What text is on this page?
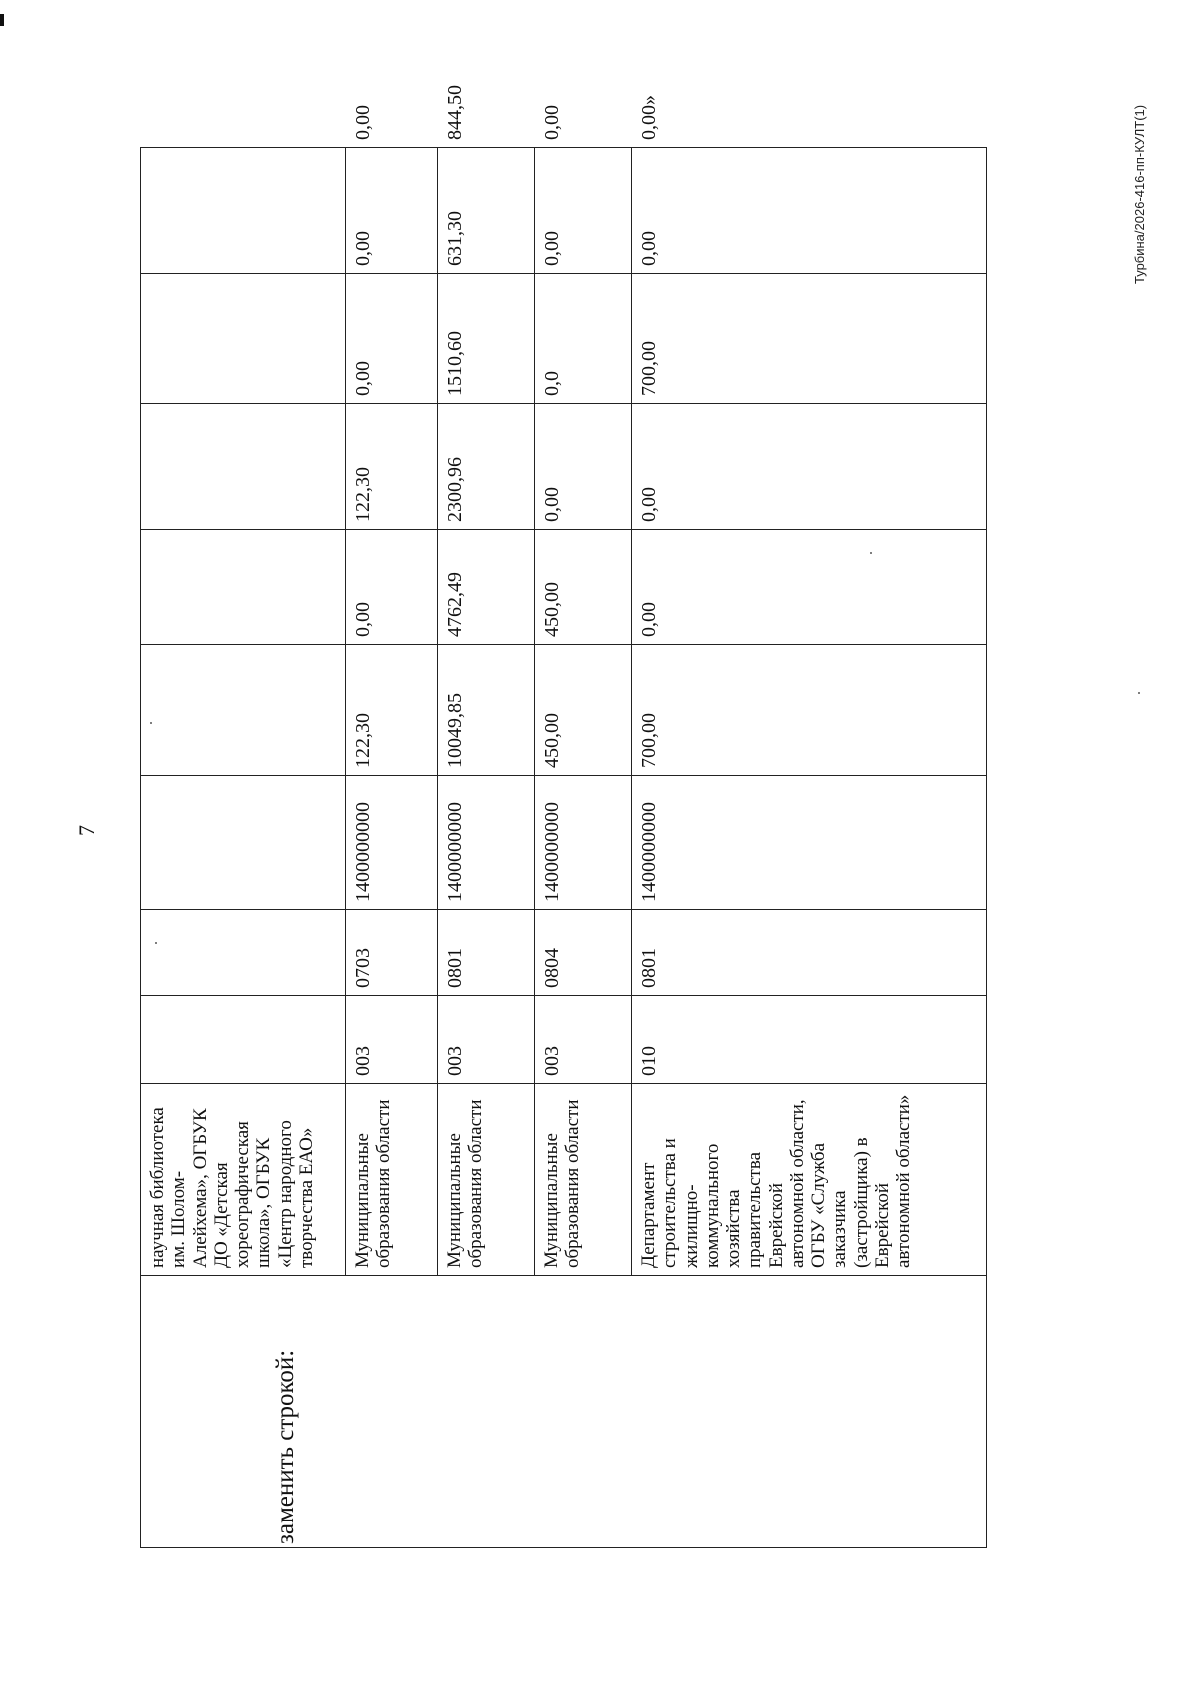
7
Турбина/2026-416-пп-КУЛТ(1)
	научная библиотека им. Шолом-Алейхема», ОГБУК ДО «Детская хореографическая школа», ОГБУК «Центр народного творчества ЕАО»									
	Муниципальные образования области	003	0703	1400000000	122,30	0,00	122,30	0,00	0,00	0,00
	Муниципальные образования области	003	0801	1400000000	10049,85	4762,49	2300,96	1510,60	631,30	844,50
	Муниципальные образования области	003	0804	1400000000	450,00	450,00	0,00	0,0	0,00	0,00
	Департамент строительства и жилищно-коммунального хозяйства правительства Еврейской автономной области, ОГБУ «Служба заказчика (застройщика) в Еврейской автономной области»	010	0801	1400000000	700,00	0,00	0,00	700,00	0,00	0,00»
заменить строкой:
